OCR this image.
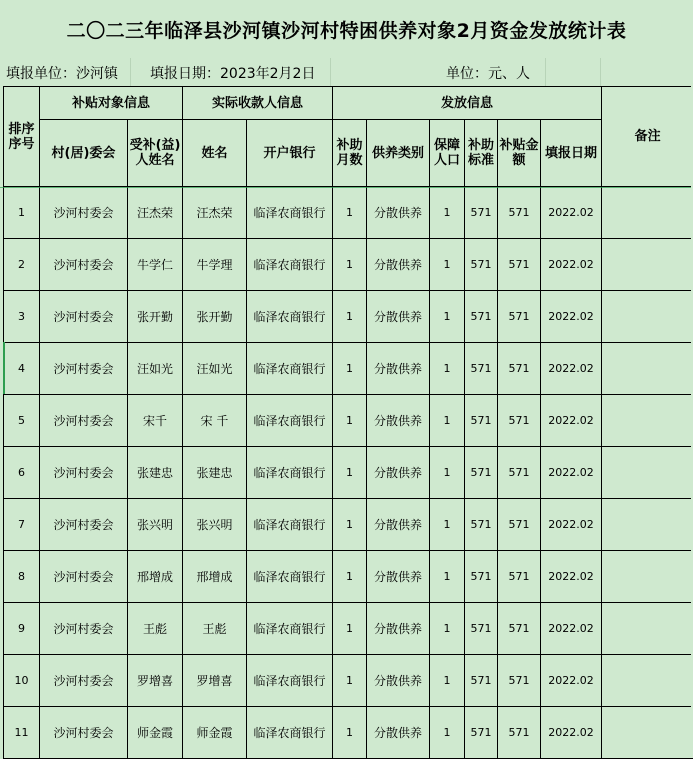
二〇二三年临泽县沙河镇沙河村特困供养对象2月资金发放统计表
填报单位：沙河镇 填报日期：2023年2月2日	单位：元、人
排序序号	补贴对象信息		实际收款人信息		发放信息						备注
	村(居)委会	受补(益)人姓名	姓名	开户银行	补助月数	供养类别	保障人口	补助标准	补贴金额	填报日期	
1	沙河村委会	汪杰荣	汪杰荣	临泽农商银行	1	分散供养	1	571	571	2022.02	
2	沙河村委会	牛学仁	牛学理	临泽农商银行	1	分散供养	1	571	571	2022.02	
3	沙河村委会	张开勤	张开勤	临泽农商银行	1	分散供养	1	571	571	2022.02	
4	沙河村委会	汪如光	汪如光	临泽农商银行	1	分散供养	1	571	571	2022.02	
5	沙河村委会	宋千	宋 千	临泽农商银行	1	分散供养	1	571	571	2022.02	
6	沙河村委会	张建忠	张建忠	临泽农商银行	1	分散供养	1	571	571	2022.02	
7	沙河村委会	张兴明	张兴明	临泽农商银行	1	分散供养	1	571	571	2022.02	
8	沙河村委会	邢增成	邢增成	临泽农商银行	1	分散供养	1	571	571	2022.02	
9	沙河村委会	王彪	王彪	临泽农商银行	1	分散供养	1	571	571	2022.02	
10	沙河村委会	罗增喜	罗增喜	临泽农商银行	1	分散供养	1	571	571	2022.02	
11	沙河村委会	师金霞	师金霞	临泽农商银行	1	分散供养	1	571	571	2022.02	
